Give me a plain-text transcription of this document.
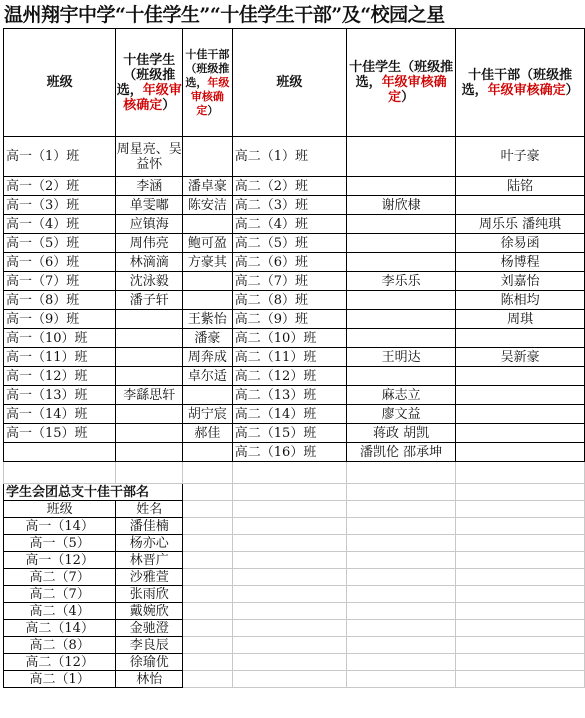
温州翔宇中学“十佳学生”“十佳学生干部”及“校园之星
班级	十佳学生（班级推选，年级审核确定）	十佳干部（班级推选，年级审核确定）	班级	十佳学生（班级推选，年级审核确定）	十佳干部（班级推选，年级审核确定）
高一（1）班	周星亮、吴益怀		高二（1）班		叶子豪
高一（2）班	李涵	潘卓豪	高二（2）班		陆铭
高一（3）班	单雯嘟	陈安洁	高二（3）班	谢欣棣	
高一（4）班	应镇海		高二（4）班		周乐乐 潘纯琪
高一（5）班	周伟亮	鲍可盈	高二（5）班		徐易函
高一（6）班	林滴滴	方豪其	高二（6）班		杨博程
高一（7）班	沈泳毅		高二（7）班	李乐乐	刘嘉怡
高一（8）班	潘子轩		高二（8）班		陈相均
高一（9）班		王紫怡	高二（9）班		周琪
高一（10）班		潘豪	高二（10）班		
高一（11）班		周奔成	高二（11）班	王明达	吴新豪
高一（12）班		卓尔适	高二（12）班		
高一（13）班	李繇思轩		高二（13）班	麻志立	
高一（14）班		胡宁宸	高二（14）班	廖文益	
高一（15）班		郝佳	高二（15）班	蒋政 胡凯	
			高二（16）班	潘凯伦 邵承坤	

学生会团总支十佳干部名					
班级	姓名				
高一（14）	潘佳楠				
高一（5）	杨亦心				
高一（12）	林晋广				
高二（7）	沙雅萱				
高二（7）	张雨欣				
高二（4）	戴婉欣				
高二（14）	金驰澄				
高二（8）	李良辰				
高二（12）	徐瑜优				
高二（1）	林怡				
